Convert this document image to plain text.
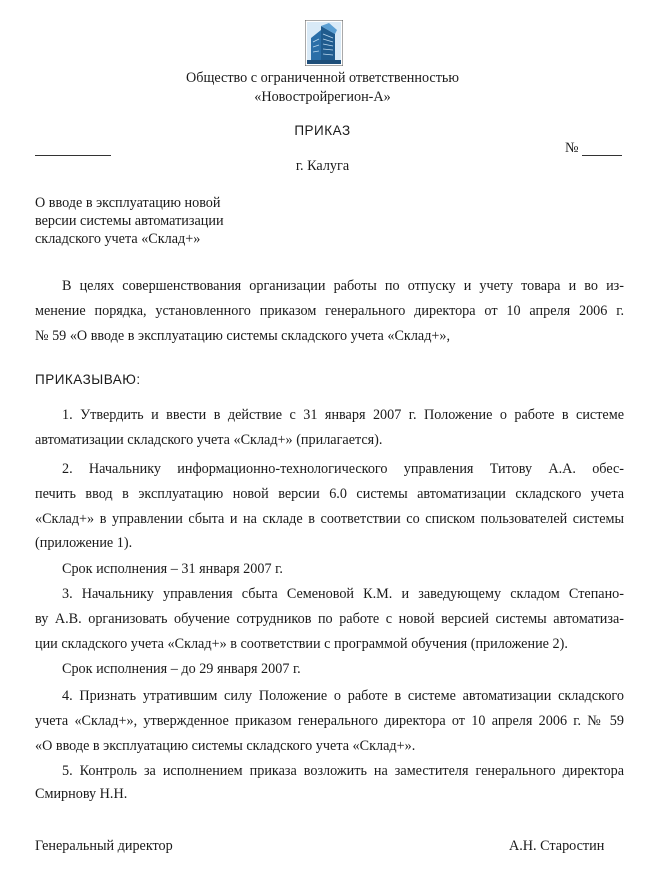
Общество с ограниченной ответственностью
«Новостройрегион-А»
ПРИКАЗ
№
г. Калуга
О вводе в эксплуатацию новой
версии системы автоматизации
складского учета «Склад+»
В целях совершенствования организации работы по отпуску и учету товара и во из-
менение порядка, установленного приказом генерального директора от 10 апреля 2006 г.
№ 59 «О вводе в эксплуатацию системы складского учета «Склад+»,
ПРИКАЗЫВАЮ:
1. Утвердить и ввести в действие с 31 января 2007 г. Положение о работе в системе
автоматизации складского учета «Склад+» (прилагается).
2. Начальнику информационно-технологического управления Титову А.А. обес-
печить ввод в эксплуатацию новой версии 6.0 системы автоматизации складского учета
«Склад+» в управлении сбыта и на складе в соответствии со списком пользователей системы
(приложение 1).
Срок исполнения – 31 января 2007 г.
3. Начальнику управления сбыта Семеновой К.М. и заведующему складом Степано-
ву А.В. организовать обучение сотрудников по работе с новой версией системы автоматиза-
ции складского учета «Склад+» в соответствии с программой обучения (приложение 2).
Срок исполнения – до 29 января 2007 г.
4. Признать утратившим силу Положение о работе в системе автоматизации складского
учета «Склад+», утвержденное приказом генерального директора от 10 апреля 2006 г. № 59
«О вводе в эксплуатацию системы складского учета «Склад+».
5. Контроль за исполнением приказа возложить на заместителя генерального директора
Смирнову Н.Н.
Генеральный директор	А.Н. Старостин
